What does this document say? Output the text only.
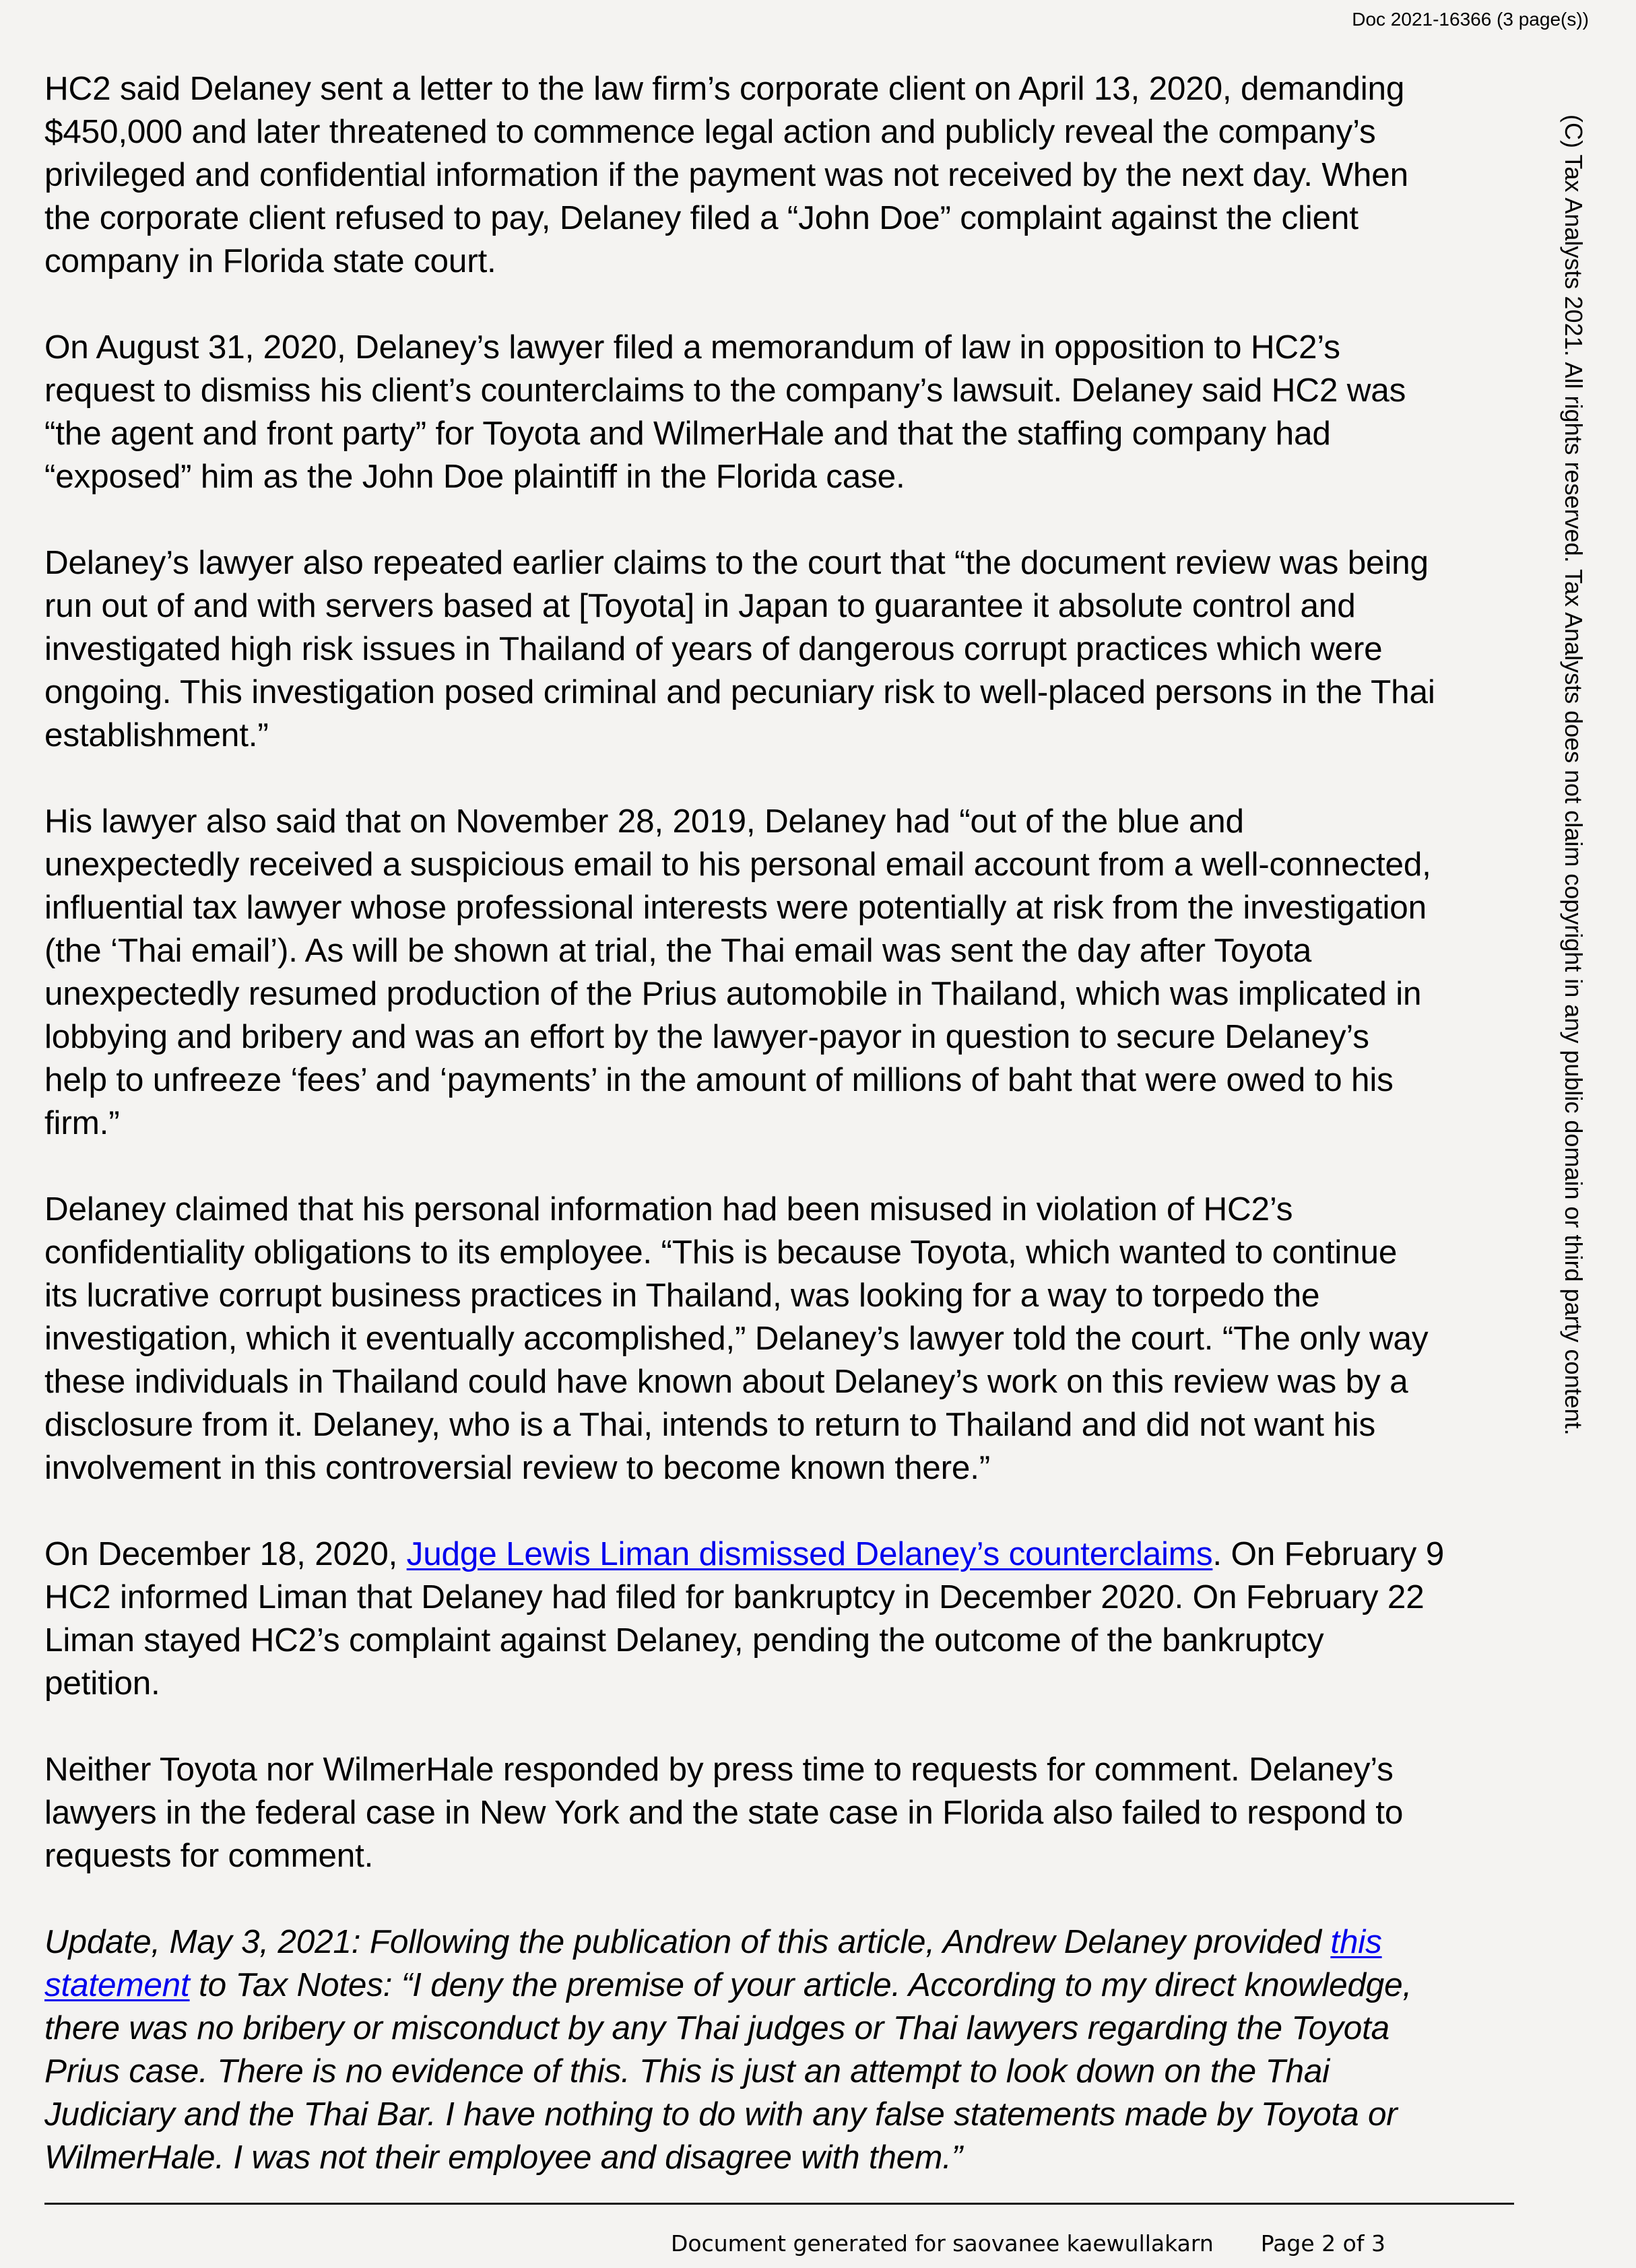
Doc 2021-16366 (3 page(s))
(C) Tax Analysts 2021. All rights reserved. Tax Analysts does not claim copyright in any public domain or third party content.

HC2 said Delaney sent a letter to the law firm’s corporate client on April 13, 2020, demanding
$450,000 and later threatened to commence legal action and publicly reveal the company’s
privileged and confidential information if the payment was not received by the next day. When
the corporate client refused to pay, Delaney filed a “John Doe” complaint against the client
company in Florida state court.

On August 31, 2020, Delaney’s lawyer filed a memorandum of law in opposition to HC2’s
request to dismiss his client’s counterclaims to the company’s lawsuit. Delaney said HC2 was
“the agent and front party” for Toyota and WilmerHale and that the staffing company had
“exposed” him as the John Doe plaintiff in the Florida case.

Delaney’s lawyer also repeated earlier claims to the court that “the document review was being
run out of and with servers based at [Toyota] in Japan to guarantee it absolute control and
investigated high risk issues in Thailand of years of dangerous corrupt practices which were
ongoing. This investigation posed criminal and pecuniary risk to well-placed persons in the Thai
establishment.”

His lawyer also said that on November 28, 2019, Delaney had “out of the blue and
unexpectedly received a suspicious email to his personal email account from a well-connected,
influential tax lawyer whose professional interests were potentially at risk from the investigation
(the ‘Thai email’). As will be shown at trial, the Thai email was sent the day after Toyota
unexpectedly resumed production of the Prius automobile in Thailand, which was implicated in
lobbying and bribery and was an effort by the lawyer-payor in question to secure Delaney’s
help to unfreeze ‘fees’ and ‘payments’ in the amount of millions of baht that were owed to his
firm.”

Delaney claimed that his personal information had been misused in violation of HC2’s
confidentiality obligations to its employee. “This is because Toyota, which wanted to continue
its lucrative corrupt business practices in Thailand, was looking for a way to torpedo the
investigation, which it eventually accomplished,” Delaney’s lawyer told the court. “The only way
these individuals in Thailand could have known about Delaney’s work on this review was by a
disclosure from it. Delaney, who is a Thai, intends to return to Thailand and did not want his
involvement in this controversial review to become known there.”

On December 18, 2020, Judge Lewis Liman dismissed Delaney’s counterclaims. On February 9
HC2 informed Liman that Delaney had filed for bankruptcy in December 2020. On February 22
Liman stayed HC2’s complaint against Delaney, pending the outcome of the bankruptcy
petition.

Neither Toyota nor WilmerHale responded by press time to requests for comment. Delaney’s
lawyers in the federal case in New York and the state case in Florida also failed to respond to
requests for comment.

Update, May 3, 2021: Following the publication of this article, Andrew Delaney provided this
statement to Tax Notes: “I deny the premise of your article. According to my direct knowledge,
there was no bribery or misconduct by any Thai judges or Thai lawyers regarding the Toyota
Prius case. There is no evidence of this. This is just an attempt to look down on the Thai
Judiciary and the Thai Bar. I have nothing to do with any false statements made by Toyota or
WilmerHale. I was not their employee and disagree with them.”

Document generated for saovanee kaewullakarn Page 2 of 3
